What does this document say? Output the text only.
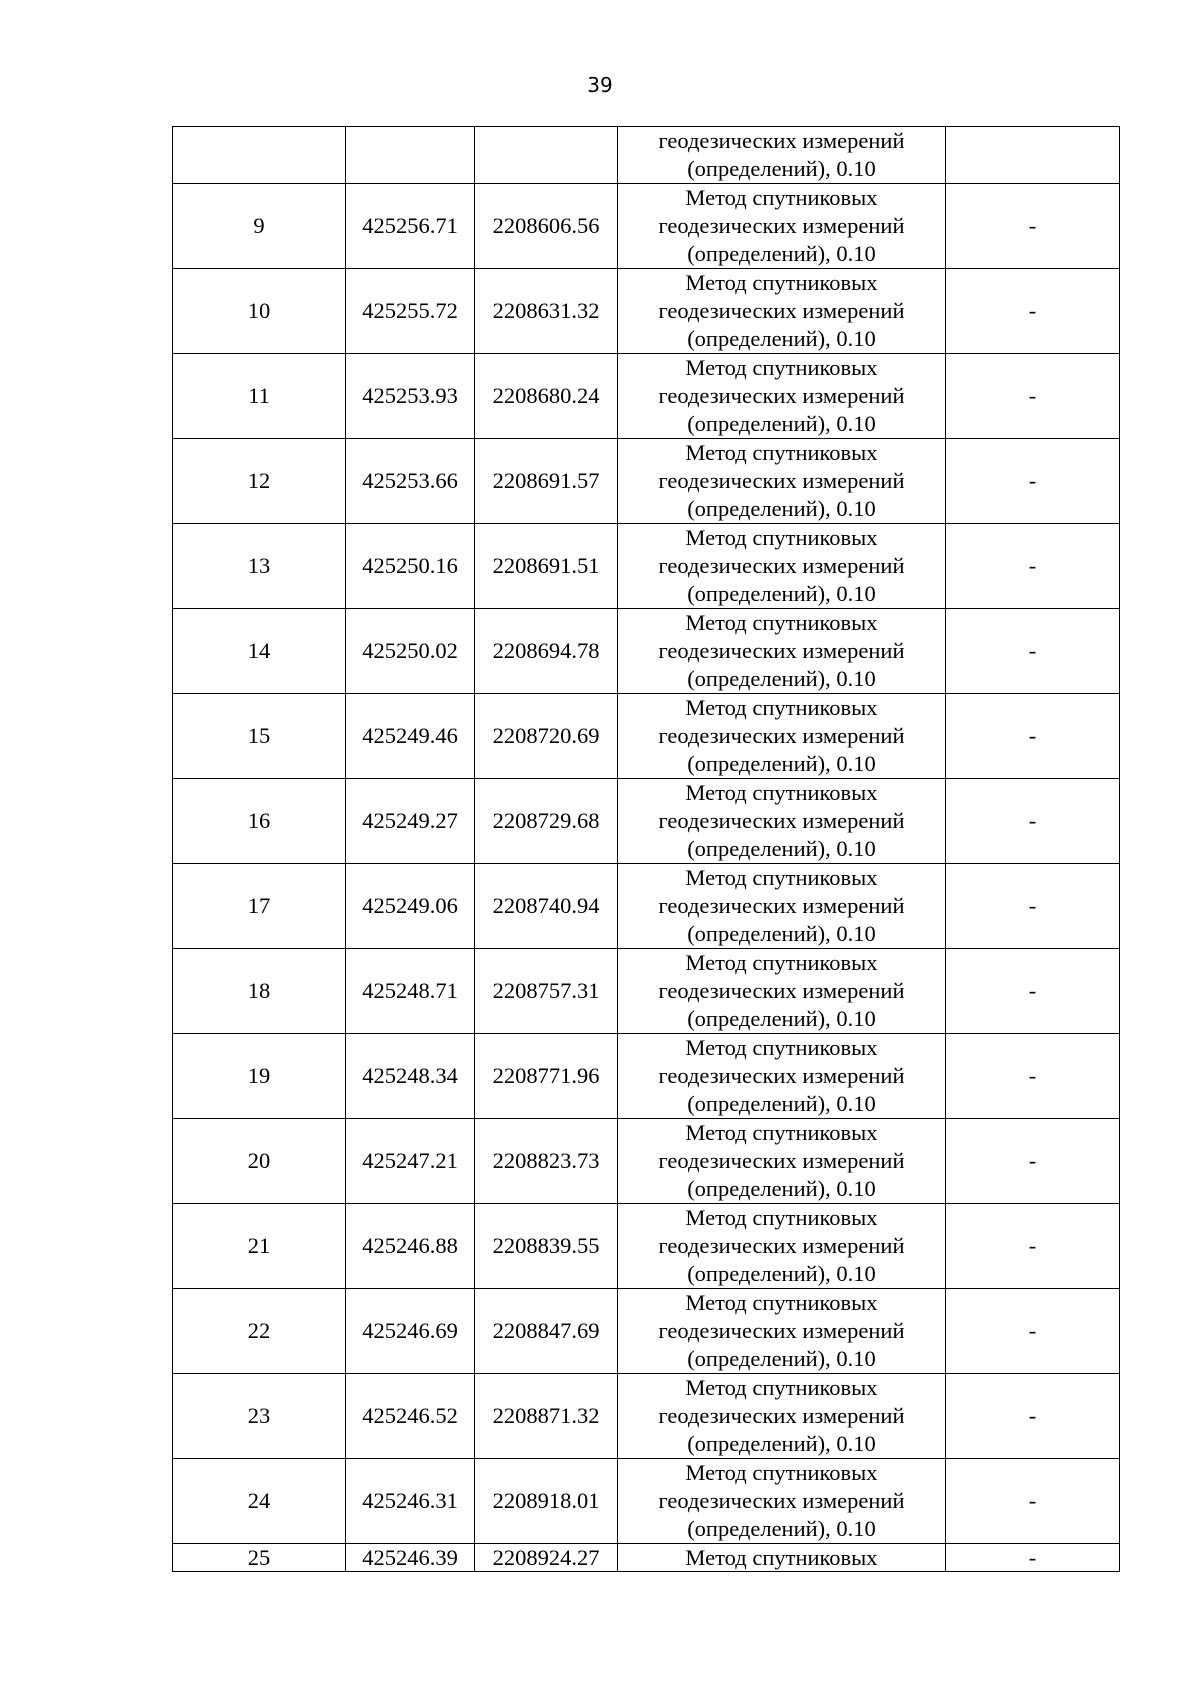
39
			геодезических измерений (определений), 0.10	
9	425256.71	2208606.56	Метод спутниковых геодезических измерений (определений), 0.10	-
10	425255.72	2208631.32	Метод спутниковых геодезических измерений (определений), 0.10	-
11	425253.93	2208680.24	Метод спутниковых геодезических измерений (определений), 0.10	-
12	425253.66	2208691.57	Метод спутниковых геодезических измерений (определений), 0.10	-
13	425250.16	2208691.51	Метод спутниковых геодезических измерений (определений), 0.10	-
14	425250.02	2208694.78	Метод спутниковых геодезических измерений (определений), 0.10	-
15	425249.46	2208720.69	Метод спутниковых геодезических измерений (определений), 0.10	-
16	425249.27	2208729.68	Метод спутниковых геодезических измерений (определений), 0.10	-
17	425249.06	2208740.94	Метод спутниковых геодезических измерений (определений), 0.10	-
18	425248.71	2208757.31	Метод спутниковых геодезических измерений (определений), 0.10	-
19	425248.34	2208771.96	Метод спутниковых геодезических измерений (определений), 0.10	-
20	425247.21	2208823.73	Метод спутниковых геодезических измерений (определений), 0.10	-
21	425246.88	2208839.55	Метод спутниковых геодезических измерений (определений), 0.10	-
22	425246.69	2208847.69	Метод спутниковых геодезических измерений (определений), 0.10	-
23	425246.52	2208871.32	Метод спутниковых геодезических измерений (определений), 0.10	-
24	425246.31	2208918.01	Метод спутниковых геодезических измерений (определений), 0.10	-
25	425246.39	2208924.27	Метод спутниковых	-
